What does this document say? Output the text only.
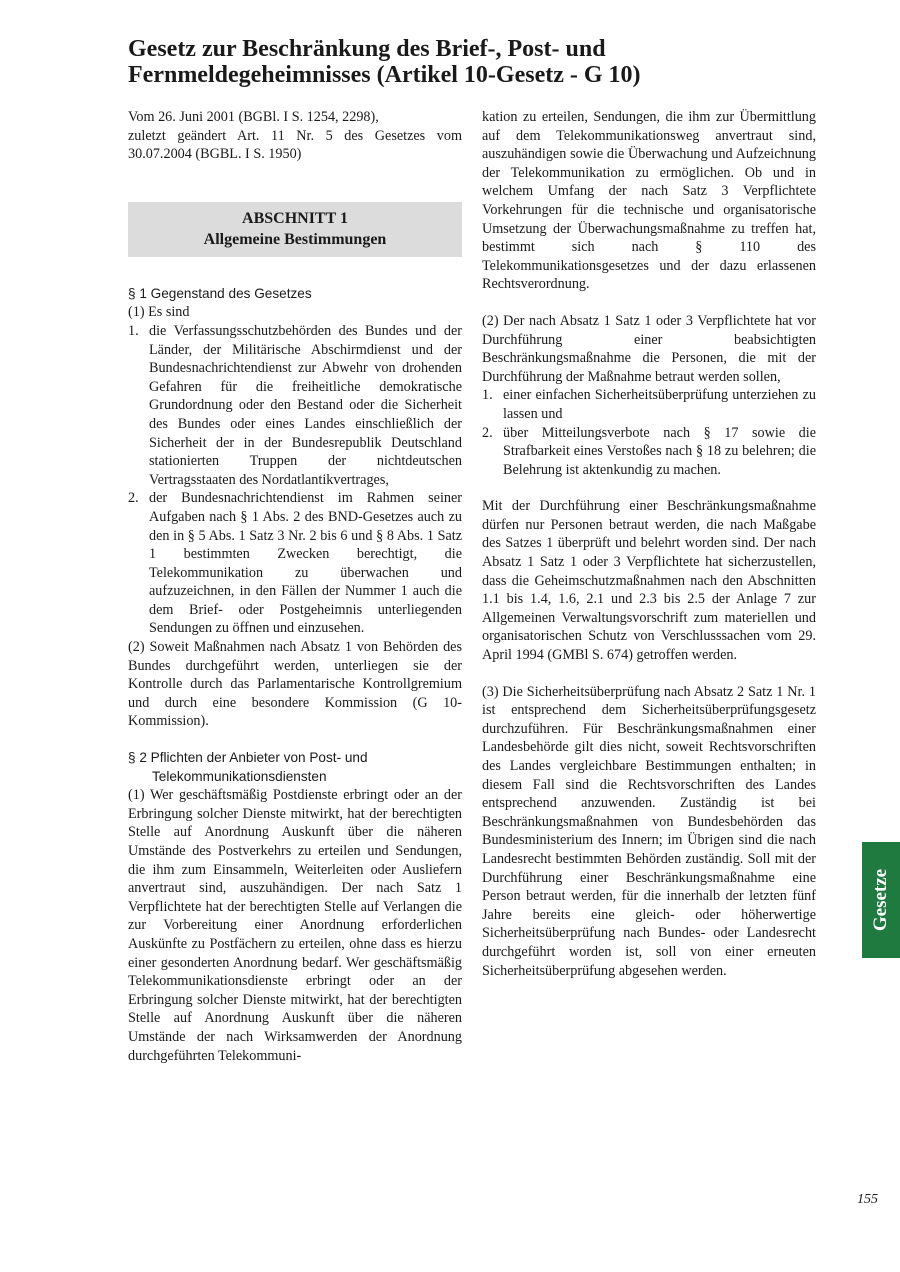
Gesetz zur Beschränkung des Brief-, Post- und
Fernmeldegeheimnisses (Artikel 10-Gesetz - G 10)

Vom 26. Juni 2001 (BGBl. I S. 1254, 2298),
zuletzt geändert Art. 11 Nr. 5 des Gesetzes vom
30.07.2004 (BGBL. I S. 1950)

ABSCHNITT 1
Allgemeine Bestimmungen

§ 1 Gegenstand des Gesetzes

(1) Es sind

1. die Verfassungsschutzbehörden des Bundes und der Länder, der Militärische Abschirmdienst und der Bundesnachrichtendienst zur Abwehr von drohenden Gefahren für die freiheitliche demokratische Grundordnung oder den Bestand oder die Sicherheit des Bundes oder eines Landes einschließlich der Sicherheit der in der Bundesrepublik Deutschland stationierten Truppen der nichtdeutschen Vertragsstaaten des Nordatlantikvertrages,
2. der Bundesnachrichtendienst im Rahmen seiner Aufgaben nach § 1 Abs. 2 des BND-Gesetzes auch zu den in § 5 Abs. 1 Satz 3 Nr. 2 bis 6 und § 8 Abs. 1 Satz 1 bestimmten Zwecken berechtigt, die Telekommunikation zu überwachen und aufzuzeichnen, in den Fällen der Nummer 1 auch die dem Brief- oder Postgeheimnis unterliegenden Sendungen zu öffnen und einzusehen.

(2) Soweit Maßnahmen nach Absatz 1 von Behörden des Bundes durchgeführt werden, unterliegen sie der Kontrolle durch das Parlamentarische Kontrollgremium und durch eine besondere Kommission (G 10-Kommission).

§ 2 Pflichten der Anbieter von Post- und
Telekommunikationsdiensten

(1) Wer geschäftsmäßig Postdienste erbringt oder an der Erbringung solcher Dienste mitwirkt, hat der berechtigten Stelle auf Anordnung Auskunft über die näheren Umstände des Postverkehrs zu erteilen und Sendungen, die ihm zum Einsammeln, Weiterleiten oder Ausliefern anvertraut sind, auszuhändigen. Der nach Satz 1 Verpflichtete hat der berechtigten Stelle auf Verlangen die zur Vorbereitung einer Anordnung erforderlichen Auskünfte zu Postfächern zu erteilen, ohne dass es hierzu einer gesonderten Anordnung bedarf. Wer geschäftsmäßig Telekommunikationsdienste erbringt oder an der Erbringung solcher Dienste mitwirkt, hat der berechtigten Stelle auf Anordnung Auskunft über die näheren Umstände der nach Wirksamwerden der Anordnung durchgeführten Telekommuni-

kation zu erteilen, Sendungen, die ihm zur Übermittlung auf dem Telekommunikationsweg anvertraut sind, auszuhändigen sowie die Überwachung und Aufzeichnung der Telekommunikation zu ermöglichen. Ob und in welchem Umfang der nach Satz 3 Verpflichtete Vorkehrungen für die technische und organisatorische Umsetzung der Überwachungsmaßnahme zu treffen hat, bestimmt sich nach § 110 des Telekommunikationsgesetzes und der dazu erlassenen Rechtsverordnung.

(2) Der nach Absatz 1 Satz 1 oder 3 Verpflichtete hat vor Durchführung einer beabsichtigten Beschränkungsmaßnahme die Personen, die mit der Durchführung der Maßnahme betraut werden sollen,

1. einer einfachen Sicherheitsüberprüfung unterziehen zu lassen und
2. über Mitteilungsverbote nach § 17 sowie die Strafbarkeit eines Verstoßes nach § 18 zu belehren; die Belehrung ist aktenkundig zu machen.

Mit der Durchführung einer Beschränkungsmaßnahme dürfen nur Personen betraut werden, die nach Maßgabe des Satzes 1 überprüft und belehrt worden sind. Der nach Absatz 1 Satz 1 oder 3 Verpflichtete hat sicherzustellen, dass die Geheimschutzmaßnahmen nach den Abschnitten 1.1 bis 1.4, 1.6, 2.1 und 2.3 bis 2.5 der Anlage 7 zur Allgemeinen Verwaltungsvorschrift zum materiellen und organisatorischen Schutz von Verschlusssachen vom 29. April 1994 (GMBl S. 674) getroffen werden.

(3) Die Sicherheitsüberprüfung nach Absatz 2 Satz 1 Nr. 1 ist entsprechend dem Sicherheitsüberprüfungsgesetz durchzuführen. Für Beschränkungsmaßnahmen einer Landesbehörde gilt dies nicht, soweit Rechtsvorschriften des Landes vergleichbare Bestimmungen enthalten; in diesem Fall sind die Rechtsvorschriften des Landes entsprechend anzuwenden. Zuständig ist bei Beschränkungsmaßnahmen von Bundesbehörden das Bundesministerium des Innern; im Übrigen sind die nach Landesrecht bestimmten Behörden zuständig. Soll mit der Durchführung einer Beschränkungsmaßnahme eine Person betraut werden, für die innerhalb der letzten fünf Jahre bereits eine gleich- oder höherwertige Sicherheitsüberprüfung nach Bundes- oder Landesrecht durchgeführt worden ist, soll von einer erneuten Sicherheitsüberprüfung abgesehen werden.

Gesetze
155
